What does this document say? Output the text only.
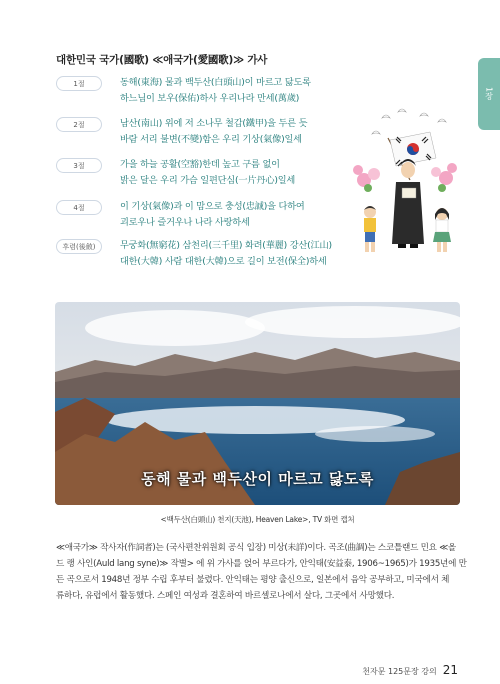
1장
대한민국 국가(國歌) ≪애국가(愛國歌)≫ 가사
1절	동해(東海) 물과 백두산(白頭山)이 마르고 닳도록
하느님이 보우(保佑)하사 우리나라 만세(萬歲)
2절	남산(南山) 위에 저 소나무 철갑(鐵甲)을 두른 듯
바람 서리 불변(不變)함은 우리 기상(氣像)일세
3절	가을 하늘 공활(空豁)한데 높고 구름 없이
밝은 달은 우리 가슴 일편단심(一片丹心)일세
4절	이 기상(氣像)과 이 맘으로 충성(忠誠)을 다하여
괴로우나 즐거우나 나라 사랑하세
후렴(後斂)	무궁화(無窮花) 삼천리(三千里) 화려(華麗) 강산(江山)
대한(大韓) 사람 대한(大韓)으로 길이 보전(保全)하세
동해 물과 백두산이 마르고 닳도록
<백두산(白頭山) 천지(天池), Heaven Lake>, TV 화면 캡처
≪애국가≫ 작사자(作詞者)는 (국사편찬위원회 공식 입장) 미상(未詳)이다. 곡조(曲調)는 스코틀랜드 민요 ≪올
드 랭 사인(Auld lang syne)≫ 작별> 에 위 가사를 얹어 부르다가, 안익태(安益泰, 1906~1965)가 1935년에 만
든 곡으로서 1948년 정부 수립 후부터 불렸다. 안익태는 평양 출신으로, 일본에서 음악 공부하고, 미국에서 체
류하다, 유럽에서 활동했다. 스페인 여성과 결혼하여 바르셀로나에서 살다, 그곳에서 사망했다.
천자문 125문장 강의 21
